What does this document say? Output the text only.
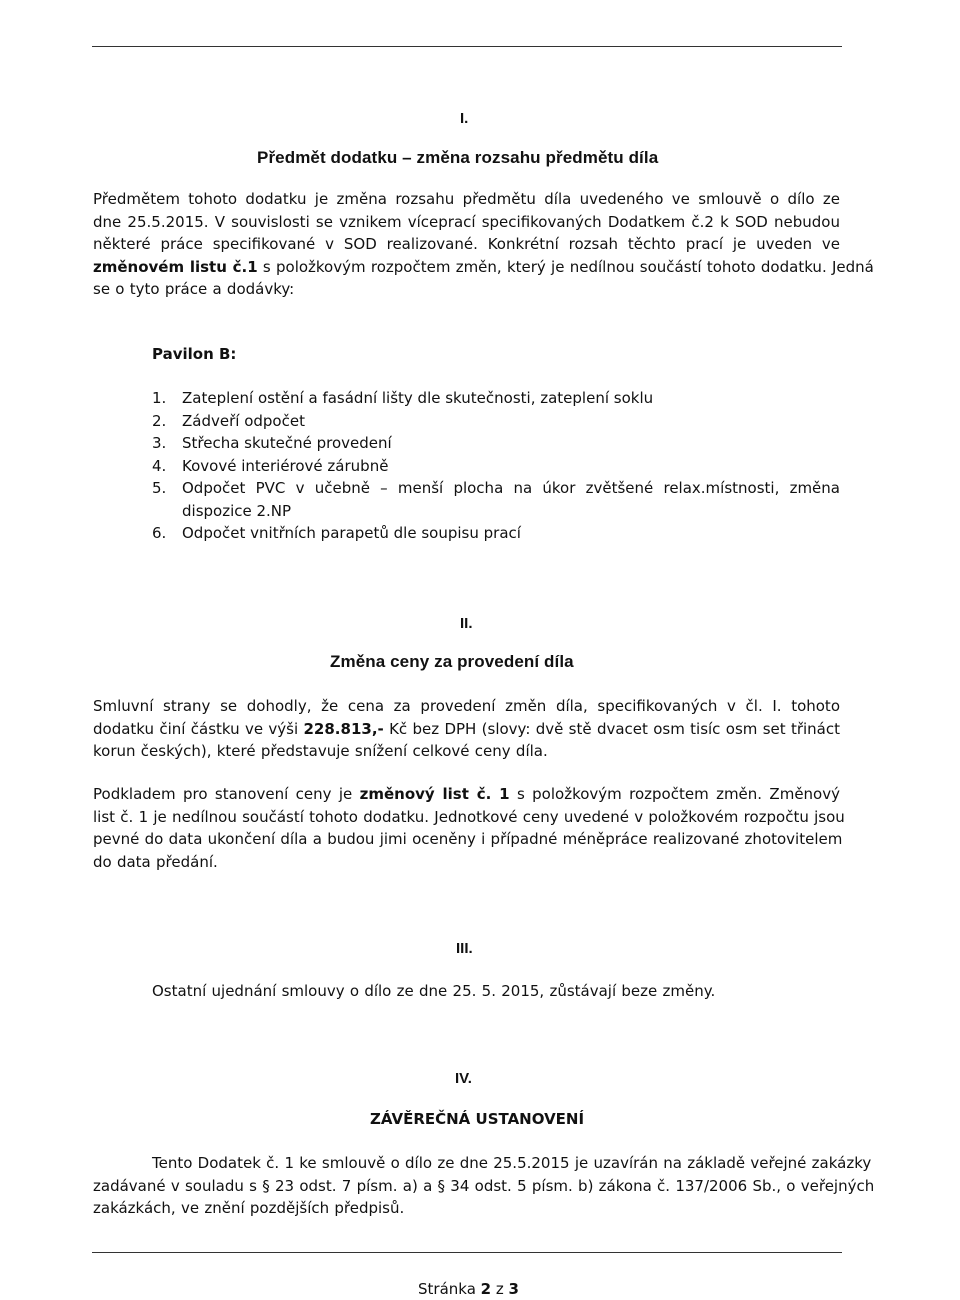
I.
Předmět dodatku – změna rozsahu předmětu díla
Předmětem tohoto dodatku je změna rozsahu předmětu díla uvedeného ve smlouvě o dílo ze
dne 25.5.2015. V souvislosti se vznikem víceprací specifikovaných Dodatkem č.2 k SOD nebudou
některé práce specifikované v SOD realizované. Konkrétní rozsah těchto prací je uveden ve
změnovém listu č.1 s položkovým rozpočtem změn, který je nedílnou součástí tohoto dodatku. Jedná
se o tyto práce a dodávky:
Pavilon B:
1. Zateplení ostění a fasádní lišty dle skutečnosti, zateplení soklu
2. Zádveří odpočet
3. Střecha skutečné provedení
4. Kovové interiérové zárubně
5. Odpočet PVC v učebně – menší plocha na úkor zvětšené relax.místnosti, změna
dispozice 2.NP
6. Odpočet vnitřních parapetů dle soupisu prací
II.
Změna ceny za provedení díla
Smluvní strany se dohodly, že cena za provedení změn díla, specifikovaných v čl. I. tohoto
dodatku činí částku ve výši 228.813,- Kč bez DPH (slovy: dvě stě dvacet osm tisíc osm set třináct
korun českých), které představuje snížení celkové ceny díla.
Podkladem pro stanovení ceny je změnový list č. 1 s položkovým rozpočtem změn. Změnový
list č. 1 je nedílnou součástí tohoto dodatku. Jednotkové ceny uvedené v položkovém rozpočtu jsou
pevné do data ukončení díla a budou jimi oceněny i případné méněpráce realizované zhotovitelem
do data předání.
III.
Ostatní ujednání smlouvy o dílo ze dne 25. 5. 2015, zůstávají beze změny.
IV.
ZÁVĚREČNÁ USTANOVENÍ
Tento Dodatek č. 1 ke smlouvě o dílo ze dne 25.5.2015 je uzavírán na základě veřejné zakázky
zadávané v souladu s § 23 odst. 7 písm. a) a § 34 odst. 5 písm. b) zákona č. 137/2006 Sb., o veřejných
zakázkách, ve znění pozdějších předpisů.
Stránka 2 z 3
